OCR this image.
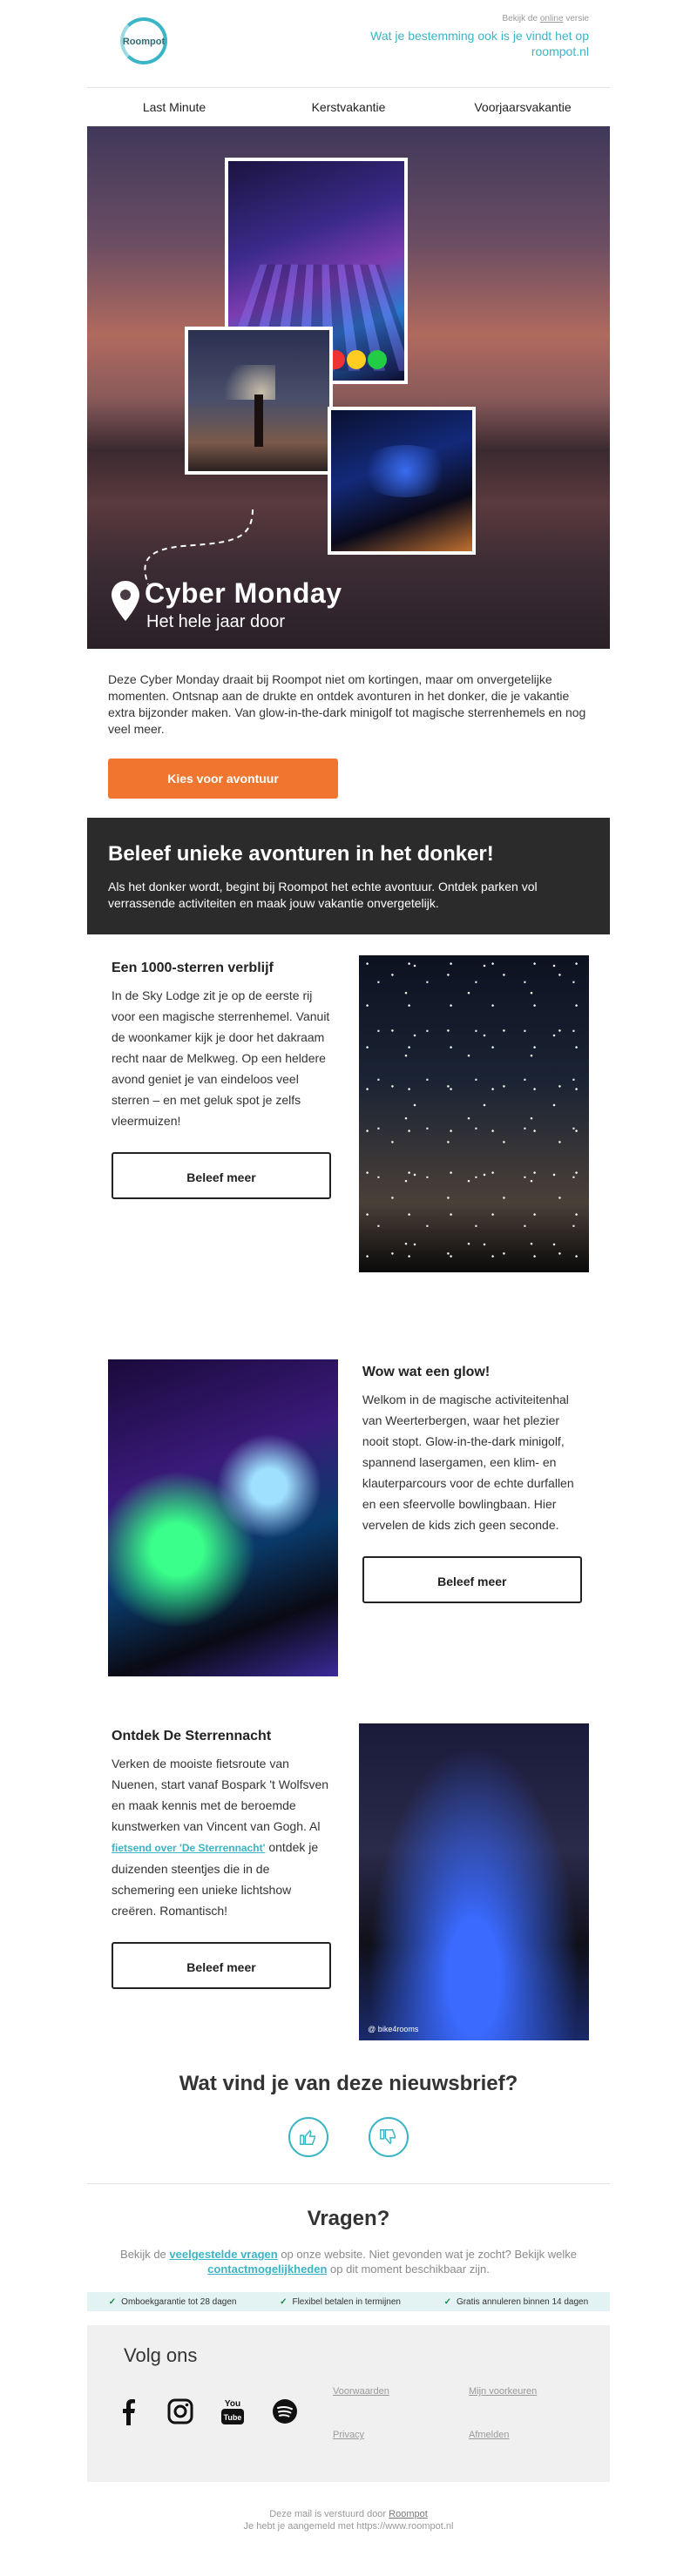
Bekijk de online versie
Roompot	Wat je bestemming ook is je vindt het op roompot.nl
Last Minute	Kerstvakantie	Voorjaarsvakantie
Cyber Monday
Het hele jaar door
Deze Cyber Monday draait bij Roompot niet om kortingen, maar om onvergetelijke momenten. Ontsnap aan de drukte en ontdek avonturen in het donker, die je vakantie extra bijzonder maken. Van glow-in-the-dark minigolf tot magische sterrenhemels en nog veel meer.
Kies voor avontuur
Beleef unieke avonturen in het donker!

Als het donker wordt, begint bij Roompot het echte avontuur. Ontdek parken vol verrassende activiteiten en maak jouw vakantie onvergetelijk.

Een 1000-sterren verblijf

In de Sky Lodge zit je op de eerste rij voor een magische sterrenhemel. Vanuit de woonkamer kijk je door het dakraam recht naar de Melkweg. Op een heldere avond geniet je van eindeloos veel sterren – en met geluk spot je zelfs vleermuizen!

Beleef meer
Wow wat een glow!

Welkom in de magische activiteitenhal van Weerterbergen, waar het plezier nooit stopt. Glow-in-the-dark minigolf, spannend lasergamen, een klim- en klauterparcours voor de echte durfallen en een sfeervolle bowlingbaan. Hier vervelen de kids zich geen seconde.

Beleef meer
Ontdek De Sterrennacht

Verken de mooiste fietsroute van Nuenen, start vanaf Bospark 't Wolfsven en maak kennis met de beroemde kunstwerken van Vincent van Gogh. Al fietsend over 'De Sterrennacht' ontdek je duizenden steentjes die in de schemering een unieke lichtshow creëren. Romantisch!

Beleef meer
@ bike4rooms
Wat vind je van deze nieuwsbrief?
Vragen?

Bekijk de veelgestelde vragen op onze website. Niet gevonden wat je zocht? Bekijk welke contactmogelijkheden op dit moment beschikbaar zijn.

✓ Omboekgarantie tot 28 dagen	✓ Flexibel betalen in termijnen	✓ Gratis annuleren binnen 14 dagen
Volg ons
You
Tube
Voorwaarden	Mijn voorkeuren
Privacy	Afmelden
Deze mail is verstuurd door Roompot
Je hebt je aangemeld met https://www.roompot.nl
